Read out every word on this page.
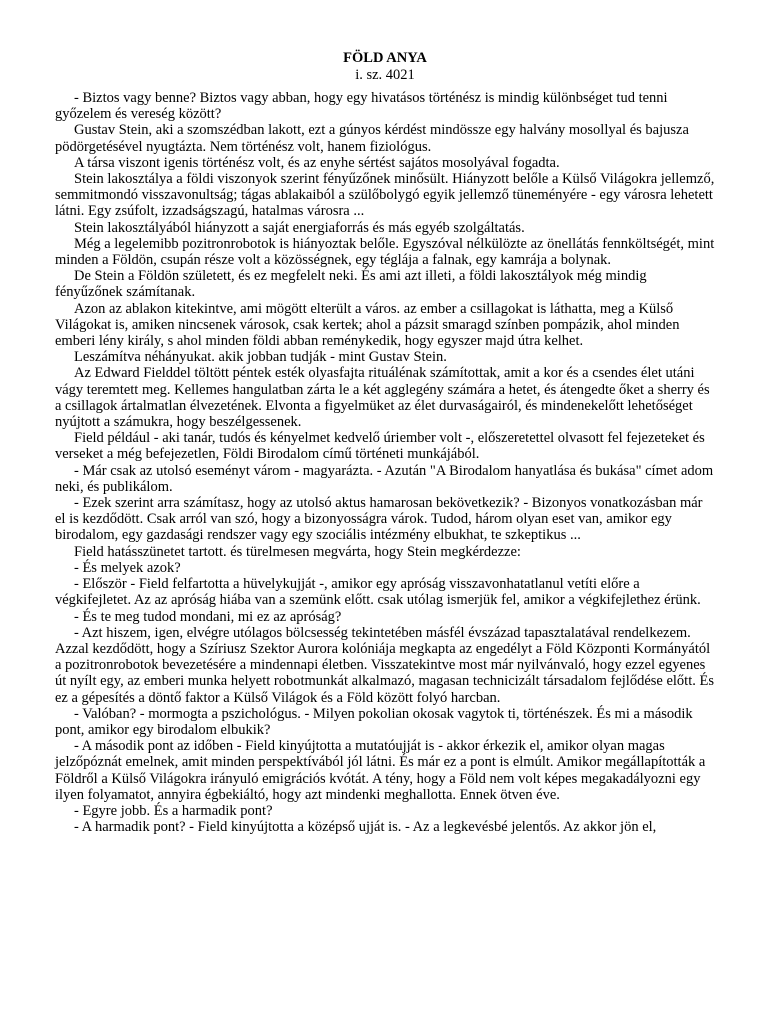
FÖLD ANYA

i. sz. 4021

- Biztos vagy benne? Biztos vagy abban, hogy egy hivatásos történész is mindig különbséget tud tenni győzelem és vereség között?

Gustav Stein, aki a szomszédban lakott, ezt a gúnyos kérdést mindössze egy halvány mosollyal és bajusza pödörgetésével nyugtázta. Nem történész volt, hanem fiziológus.

A társa viszont igenis történész volt, és az enyhe sértést sajátos mosolyával fogadta.

Stein lakosztálya a földi viszonyok szerint fényűzőnek minősült. Hiányzott belőle a Külső Világokra jellemző, semmitmondó visszavonultság; tágas ablakaiból a szülőbolygó egyik jellemző tüneményére - egy városra lehetett látni. Egy zsúfolt, izzadságszagú, hatalmas városra ...

Stein lakosztályából hiányzott a saját energiaforrás és más egyéb szolgáltatás.

Még a legelemibb pozitronrobotok is hiányoztak belőle. Egyszóval nélkülözte az önellátás fennköltségét, mint minden a Földön, csupán része volt a közösségnek, egy téglája a falnak, egy kamrája a bolynak.

De Stein a Földön született, és ez megfelelt neki. És ami azt illeti, a földi lakosztályok még mindig fényűzőnek számítanak.

Azon az ablakon kitekintve, ami mögött elterült a város. az ember a csillagokat is láthatta, meg a Külső Világokat is, amiken nincsenek városok, csak kertek; ahol a pázsit smaragd színben pompázik, ahol minden emberi lény király, s ahol minden földi abban reménykedik, hogy egyszer majd útra kelhet.

Leszámítva néhányukat. akik jobban tudják - mint Gustav Stein.

Az Edward Fielddel töltött péntek esték olyasfajta rituálénak számítottak, amit a kor és a csendes élet utáni vágy teremtett meg. Kellemes hangulatban zárta le a két agglegény számára a hetet, és átengedte őket a sherry és a csillagok ártalmatlan élvezetének. Elvonta a figyelmüket az élet durvaságairól, és mindenekelőtt lehetőséget nyújtott a számukra, hogy beszélgessenek.

Field például - aki tanár, tudós és kényelmet kedvelő úriember volt -, előszeretettel olvasott fel fejezeteket és verseket a még befejezetlen, Földi Birodalom című történeti munkájából.

- Már csak az utolsó eseményt várom - magyarázta. - Azután "A Birodalom hanyatlása és bukása" címet adom neki, és publikálom.

- Ezek szerint arra számítasz, hogy az utolsó aktus hamarosan bekövetkezik? - Bizonyos vonatkozásban már el is kezdődött. Csak arról van szó, hogy a bizonyosságra várok. Tudod, három olyan eset van, amikor egy birodalom, egy gazdasági rendszer vagy egy szociális intézmény elbukhat, te szkeptikus ...

Field hatásszünetet tartott. és türelmesen megvárta, hogy Stein megkérdezze:

- És melyek azok?

- Először - Field felfartotta a hüvelykujját -, amikor egy apróság visszavonhatatlanul vetíti előre a végkifejletet. Az az apróság hiába van a szemünk előtt. csak utólag ismerjük fel, amikor a végkifejlethez érünk.

- És te meg tudod mondani, mi ez az apróság?

- Azt hiszem, igen, elvégre utólagos bölcsesség tekintetében másfél évszázad tapasztalatával rendelkezem. Azzal kezdődött, hogy a Szíriusz Szektor Aurora kolóniája megkapta az engedélyt a Föld Központi Kormányától a pozitronrobotok bevezetésére a mindennapi életben. Visszatekintve most már nyilvánvaló, hogy ezzel egyenes út nyílt egy, az emberi munka helyett robotmunkát alkalmazó, magasan technicizált társadalom fejlődése előtt. És ez a gépesítés a döntő faktor a Külső Világok és a Föld között folyó harcban.

- Valóban? - mormogta a pszichológus. - Milyen pokolian okosak vagytok ti, történészek. És mi a második pont, amikor egy birodalom elbukik?

- A második pont az időben - Field kinyújtotta a mutatóujját is - akkor érkezik el, amikor olyan magas jelzőpóznát emelnek, amit minden perspektívából jól látni. És már ez a pont is elmúlt. Amikor megállapították a Földről a Külső Világokra irányuló emigrációs kvótát. A tény, hogy a Föld nem volt képes megakadályozni egy ilyen folyamatot, annyira égbekiáltó, hogy azt mindenki meghallotta. Ennek ötven éve.

- Egyre jobb. És a harmadik pont?

- A harmadik pont? - Field kinyújtotta a középső ujját is. - Az a legkevésbé jelentős. Az akkor jön el,
